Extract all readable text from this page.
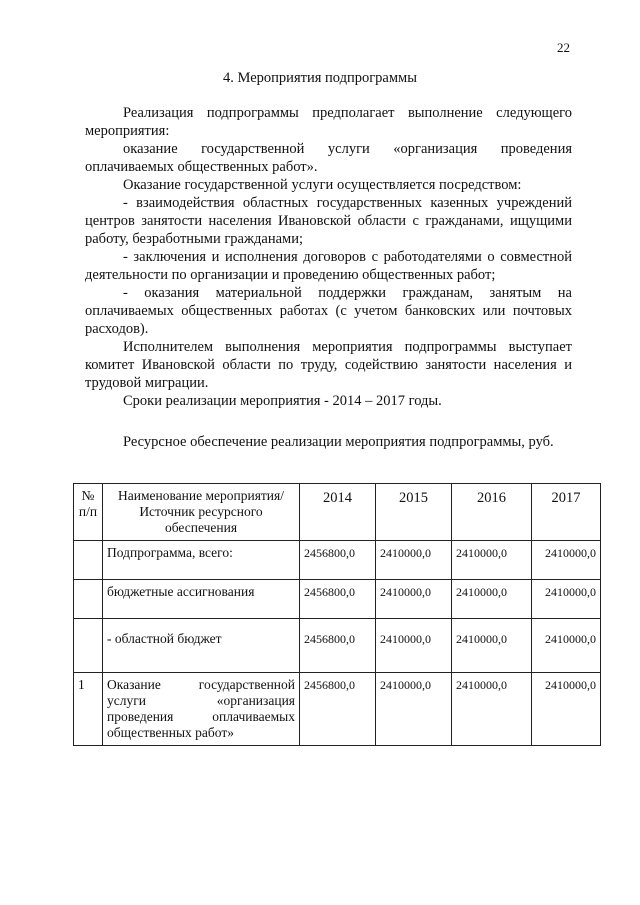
22
4. Мероприятия подпрограммы

Реализация подпрограммы предполагает выполнение следующего мероприятия:

оказание государственной услуги «организация проведения оплачиваемых общественных работ».

Оказание государственной услуги осуществляется посредством:

- взаимодействия областных государственных казенных учреждений центров занятости населения Ивановской области с гражданами, ищущими работу, безработными гражданами;

- заключения и исполнения договоров с работодателями о совместной деятельности по организации и проведению общественных работ;

- оказания материальной поддержки гражданам, занятым на оплачиваемых общественных работах (с учетом банковских или почтовых расходов).

Исполнителем выполнения мероприятия подпрограммы выступает комитет Ивановской области по труду, содействию занятости населения и трудовой миграции.

Сроки реализации мероприятия - 2014 – 2017 годы.

Ресурсное обеспечение реализации мероприятия подпрограммы, руб.
№ п/п	Наименование мероприятия/Источник ресурсного обеспечения	2014	2015	2016	2017
	Подпрограмма, всего:	2456800,0	2410000,0	2410000,0	2410000,0
	бюджетные ассигнования	2456800,0	2410000,0	2410000,0	2410000,0
	- областной бюджет	2456800,0	2410000,0	2410000,0	2410000,0
1	Оказание государственной услуги «организация проведения оплачиваемых общественных работ»	2456800,0	2410000,0	2410000,0	2410000,0
